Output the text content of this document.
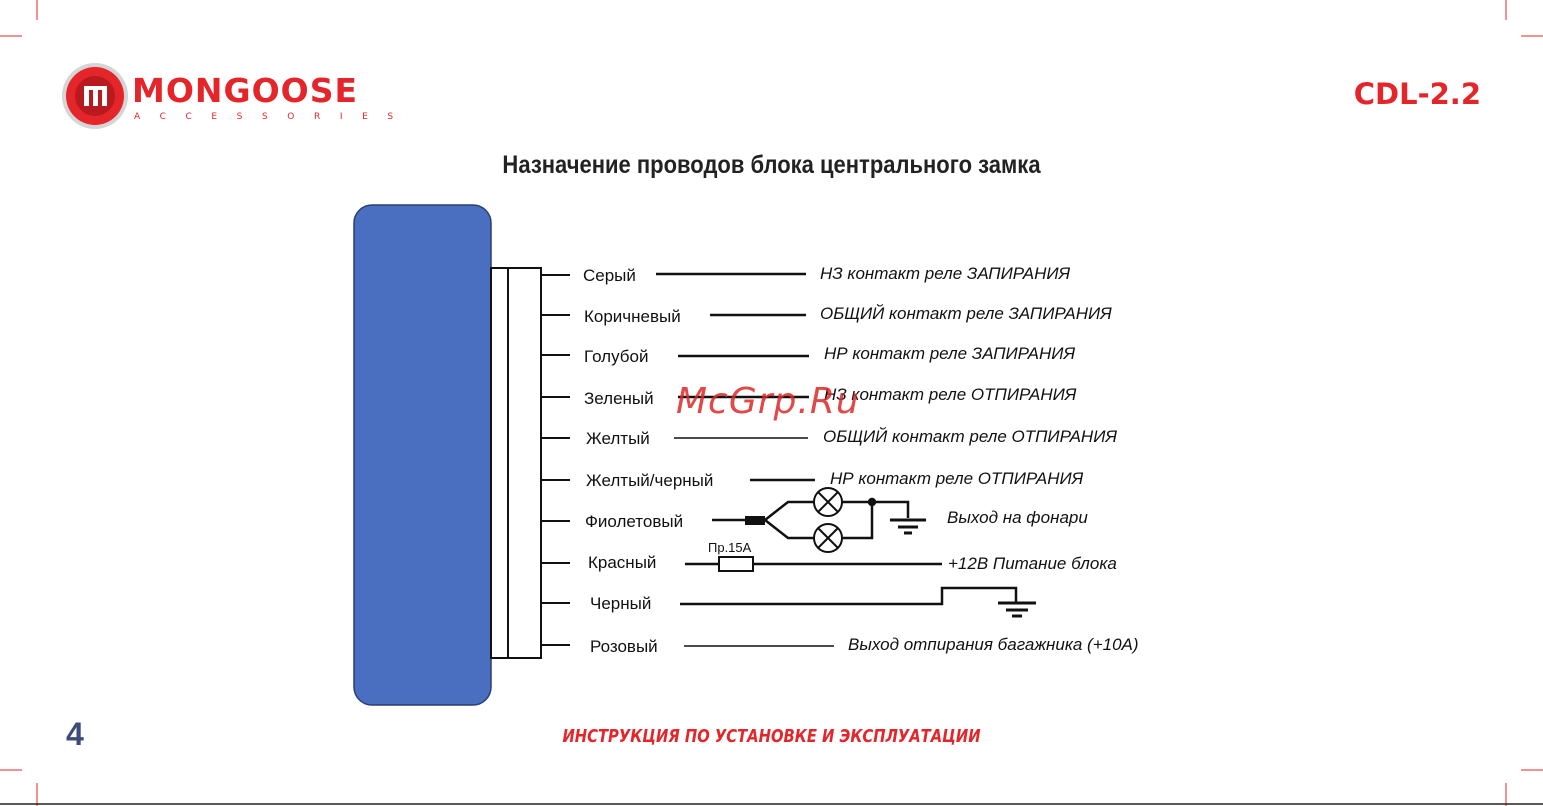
MONGOOSE
ACCESSORIES
CDL-2.2
Назначение проводов блока центрального замка
Серый
Коричневый
Голубой
Зеленый
Желтый
Желтый/черный
Фиолетовый
Красный
Черный
Розовый
Пр.15А
НЗ контакт реле ЗАПИРАНИЯ
ОБЩИЙ контакт реле ЗАПИРАНИЯ
НР контакт реле ЗАПИРАНИЯ
НЗ контакт реле ОТПИРАНИЯ
ОБЩИЙ контакт реле ОТПИРАНИЯ
НР контакт реле ОТПИРАНИЯ
Выход на фонари
+12В Питание блока
Выход отпирания багажника (+10А)
McGrp.Ru
4	ИНСТРУКЦИЯ ПО УСТАНОВКЕ И ЭКСПЛУАТАЦИИ
